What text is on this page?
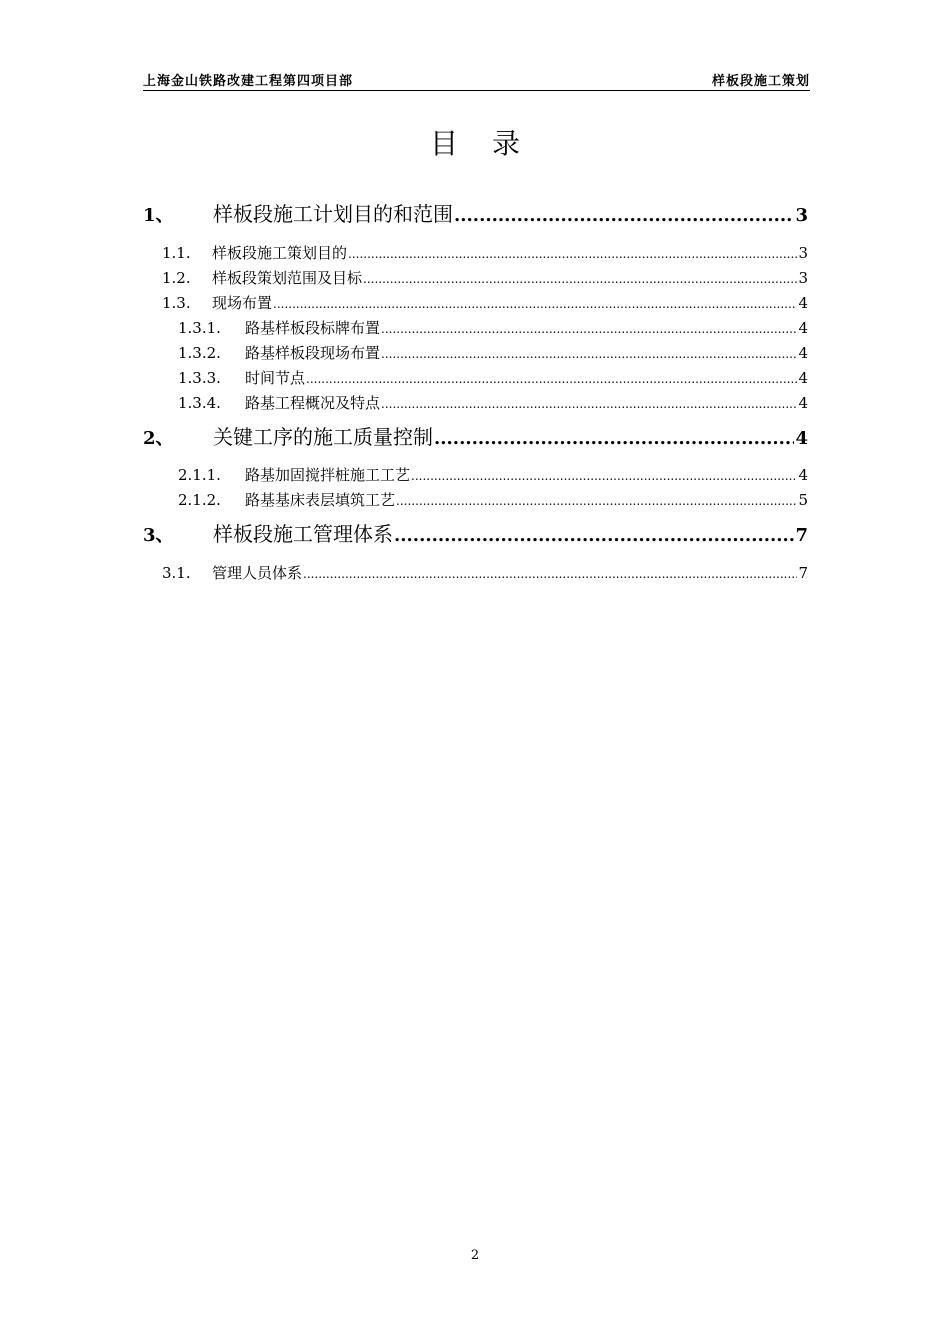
上海金山铁路改建工程第四项目部	样板段施工策划
目录
1、	样板段施工计划目的和范围 .....	3
1.1.	样板段施工策划目的 .....	3
1.2.	样板段策划范围及目标 .....	3
1.3.	现场布置 .....	4
1.3.1.	路基样板段标牌布置 .....	4
1.3.2.	路基样板段现场布置 .....	4
1.3.3.	时间节点 .....	4
1.3.4.	路基工程概况及特点 .....	4
2、	关键工序的施工质量控制 .....	4
2.1.1.	路基加固搅拌桩施工工艺 .....	4
2.1.2.	路基基床表层填筑工艺 .....	5
3、	样板段施工管理体系 .....	7
3.1.	管理人员体系 .....	7
2
